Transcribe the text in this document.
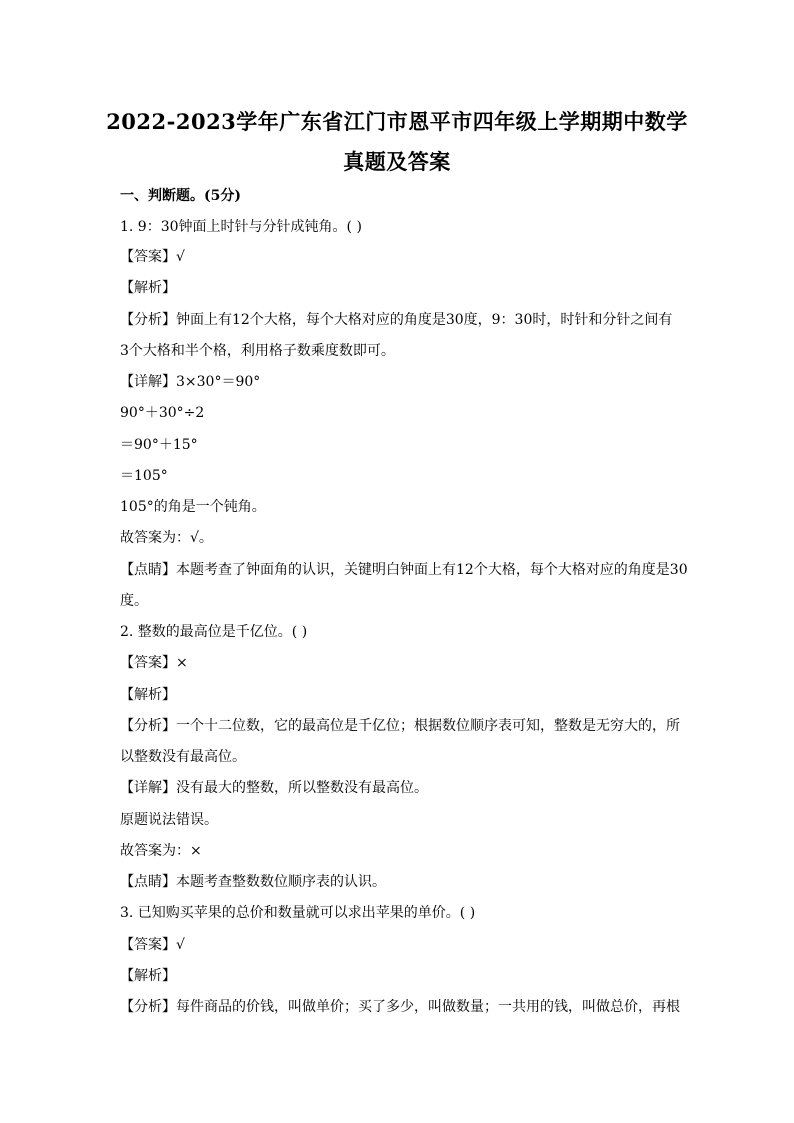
2022-2023学年广东省江门市恩平市四年级上学期期中数学
真题及答案
一、判断题。(5分)
1. 9：30钟面上时针与分针成钝角。( )
【答案】√
【解析】
【分析】钟面上有12个大格，每个大格对应的角度是30度，9：30时，时针和分针之间有
3个大格和半个格，利用格子数乘度数即可。
【详解】3×30°＝90°
90°＋30°÷2
＝90°＋15°
＝105°
105°的角是一个钝角。
故答案为：√。
【点睛】本题考查了钟面角的认识，关键明白钟面上有12个大格，每个大格对应的角度是30
度。
2. 整数的最高位是千亿位。( )
【答案】×
【解析】
【分析】一个十二位数，它的最高位是千亿位；根据数位顺序表可知，整数是无穷大的，所
以整数没有最高位。
【详解】没有最大的整数，所以整数没有最高位。
原题说法错误。
故答案为：×
【点睛】本题考查整数数位顺序表的认识。
3. 已知购买苹果的总价和数量就可以求出苹果的单价。( )
【答案】√
【解析】
【分析】每件商品的价钱，叫做单价；买了多少，叫做数量；一共用的钱，叫做总价，再根
